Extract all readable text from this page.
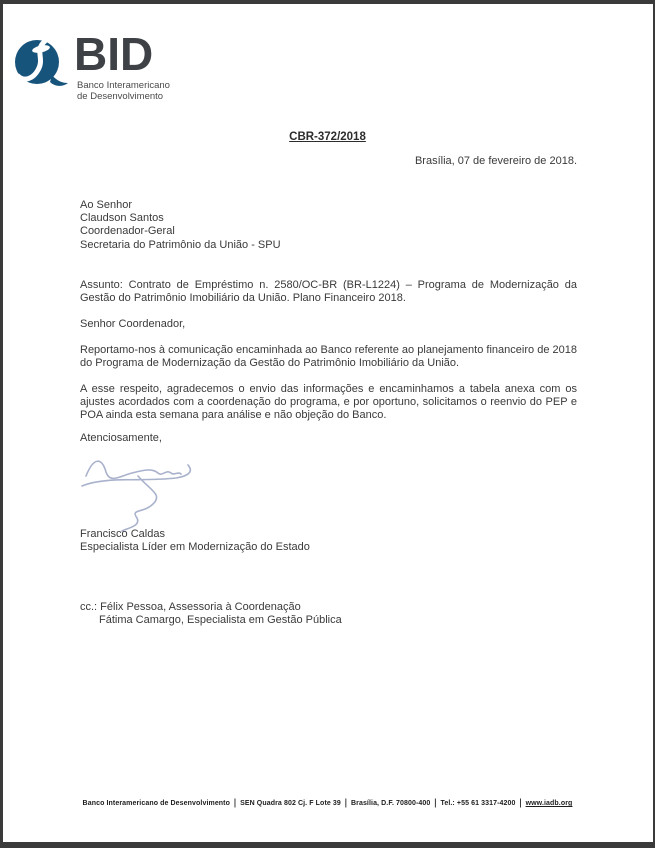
BID
Banco Interamericano
de Desenvolvimento
CBR-372/2018
Brasília, 07 de fevereiro de 2018.
Ao Senhor
Claudson Santos
Coordenador-Geral
Secretaria do Patrimônio da União - SPU
Assunto: Contrato de Empréstimo n. 2580/OC-BR (BR-L1224) – Programa de Modernização da Gestão do Patrimônio Imobiliário da União. Plano Financeiro 2018.
Senhor Coordenador,
Reportamo-nos à comunicação encaminhada ao Banco referente ao planejamento financeiro de 2018 do Programa de Modernização da Gestão do Patrimônio Imobiliário da União.
A esse respeito, agradecemos o envio das informações e encaminhamos a tabela anexa com os ajustes acordados com a coordenação do programa, e por oportuno, solicitamos o reenvio do PEP e POA ainda esta semana para análise e não objeção do Banco.
Atenciosamente,
Francisco Caldas
Especialista Líder em Modernização do Estado
cc.: Félix Pessoa, Assessoria à Coordenação
Fátima Camargo, Especialista em Gestão Pública
Banco Interamericano de Desenvolvimento | SEN Quadra 802 Cj. F Lote 39 | Brasília, D.F. 70800-400 | Tel.: +55 61 3317-4200 | www.iadb.org
